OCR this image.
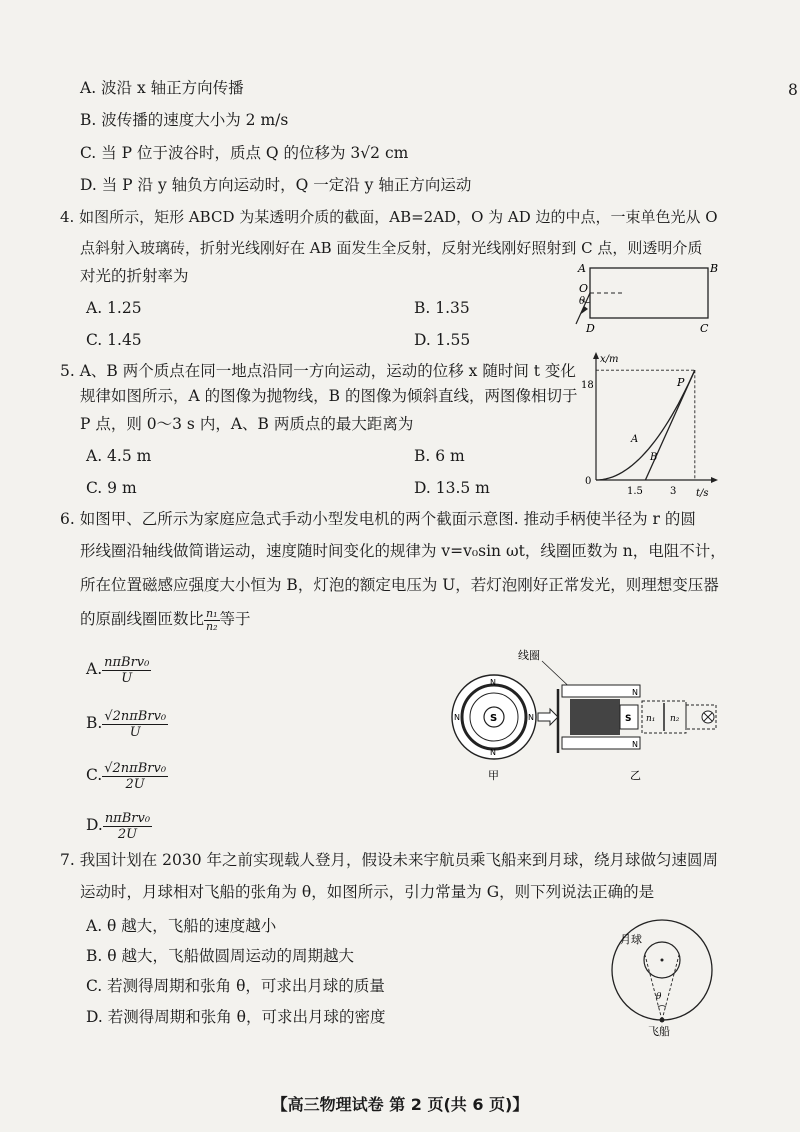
8
A. 波沿 x 轴正方向传播
B. 波传播的速度大小为 2 m/s
C. 当 P 位于波谷时，质点 Q 的位移为 3√2 cm
D. 当 P 沿 y 轴负方向运动时，Q 一定沿 y 轴正方向运动
4. 如图所示，矩形 ABCD 为某透明介质的截面，AB=2AD，O 为 AD 边的中点，一束单色光从 O
点斜射入玻璃砖，折射光线刚好在 AB 面发生全反射，反射光线刚好照射到 C 点，则透明介质
对光的折射率为
A. 1.25	B. 1.35
C. 1.45	D. 1.55
A	B
O
θ
D	C
5. A、B 两个质点在同一地点沿同一方向运动，运动的位移 x 随时间 t 变化
规律如图所示，A 的图像为抛物线，B 的图像为倾斜直线，两图像相切于
P 点，则 0～3 s 内，A、B 两质点的最大距离为
A. 4.5 m	B. 6 m
C. 9 m	D. 13.5 m
x/m
t/s
0
18
1.5	3
P
A
B
6. 如图甲、乙所示为家庭应急式手动小型发电机的两个截面示意图. 推动手柄使半径为 r 的圆
形线圈沿轴线做简谐运动，速度随时间变化的规律为 v=v₀sin ωt，线圈匝数为 n，电阻不计，
所在位置磁感应强度大小恒为 B，灯泡的额定电压为 U，若灯泡刚好正常发光，则理想变压器
的原副线圈匝数比 $\frac{\text{n₁}}{\text{n₂}}$ 等于
A. $\frac{\text{nπBrv₀}}{U}$
B. $\frac{\text{√2nπBrv₀}}{U}$
C. $\frac{\text{√2nπBrv₀}}{2U}$
D. $\frac{\text{nπBrv₀}}{2U}$
S
N
N
N	N
甲
线圈
S
N
N
n₁ n₂
乙
7. 我国计划在 2030 年之前实现载人登月，假设未来宇航员乘飞船来到月球，绕月球做匀速圆周
运动时，月球相对飞船的张角为 θ，如图所示，引力常量为 G，则下列说法正确的是
A. θ 越大，飞船的速度越小
B. θ 越大，飞船做圆周运动的周期越大
C. 若测得周期和张角 θ，可求出月球的质量
D. 若测得周期和张角 θ，可求出月球的密度
月球
θ
飞船
【高三物理试卷 第 2 页(共 6 页)】
